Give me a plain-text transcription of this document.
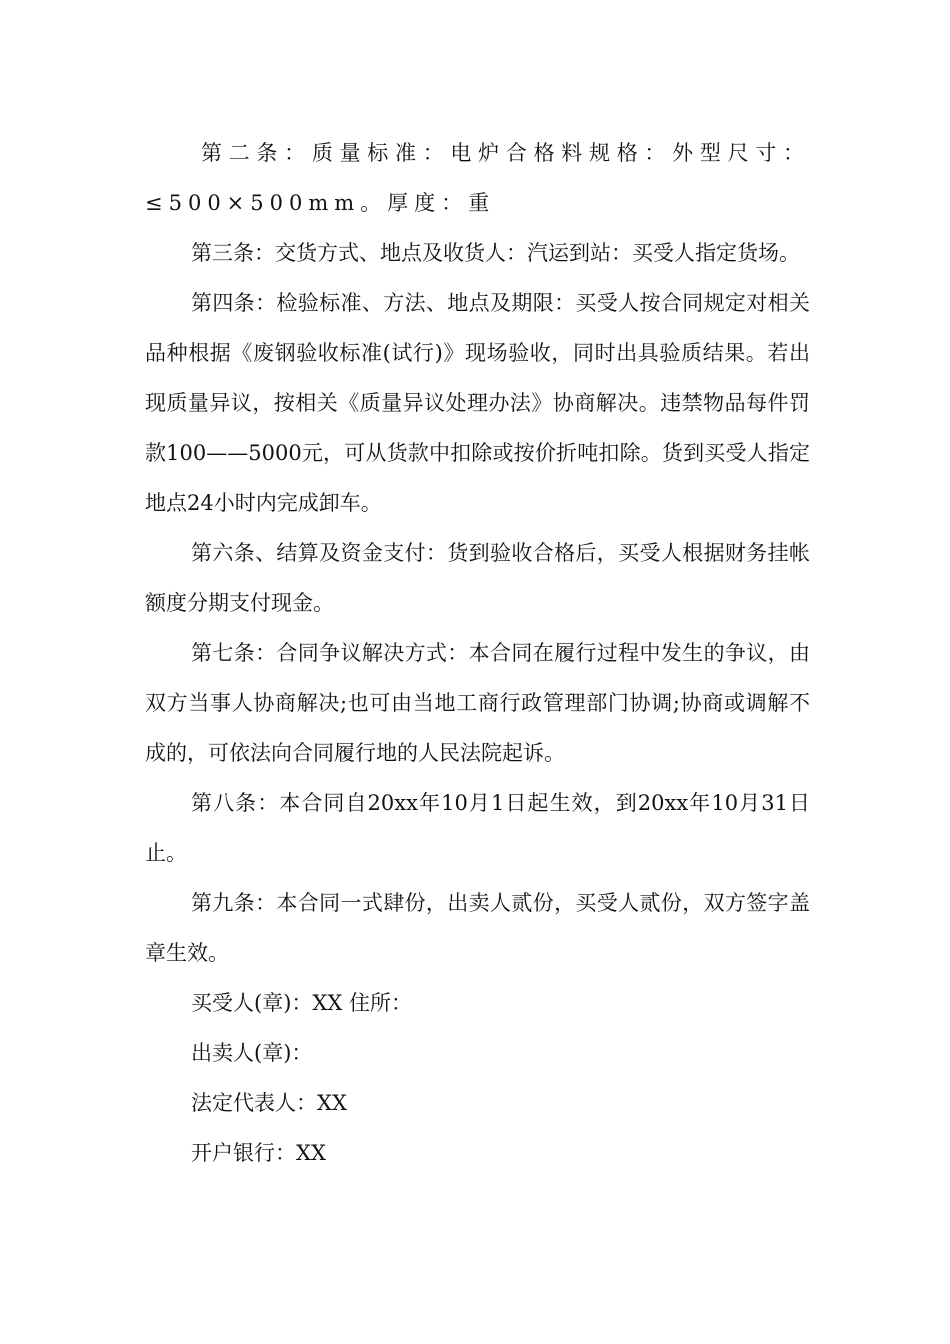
第二条：质量标准：电炉合格料规格：外型尺寸：≤500×500mm。厚度：重

第三条：交货方式、地点及收货人：汽运到站：买受人指定货场。

第四条：检验标准、方法、地点及期限：买受人按合同规定对相关品种根据《废钢验收标准(试行)》现场验收，同时出具验质结果。若出现质量异议，按相关《质量异议处理办法》协商解决。违禁物品每件罚款100——5000元，可从货款中扣除或按价折吨扣除。货到买受人指定地点24小时内完成卸车。

第六条、结算及资金支付：货到验收合格后，买受人根据财务挂帐额度分期支付现金。

第七条：合同争议解决方式：本合同在履行过程中发生的争议，由双方当事人协商解决;也可由当地工商行政管理部门协调;协商或调解不成的，可依法向合同履行地的人民法院起诉。

第八条：本合同自20xx年10月1日起生效，到20xx年10月31日止。

第九条：本合同一式肆份，出卖人贰份，买受人贰份，双方签字盖章生效。

买受人(章)：XX 住所：

出卖人(章)：

法定代表人：XX

开户银行：XX
